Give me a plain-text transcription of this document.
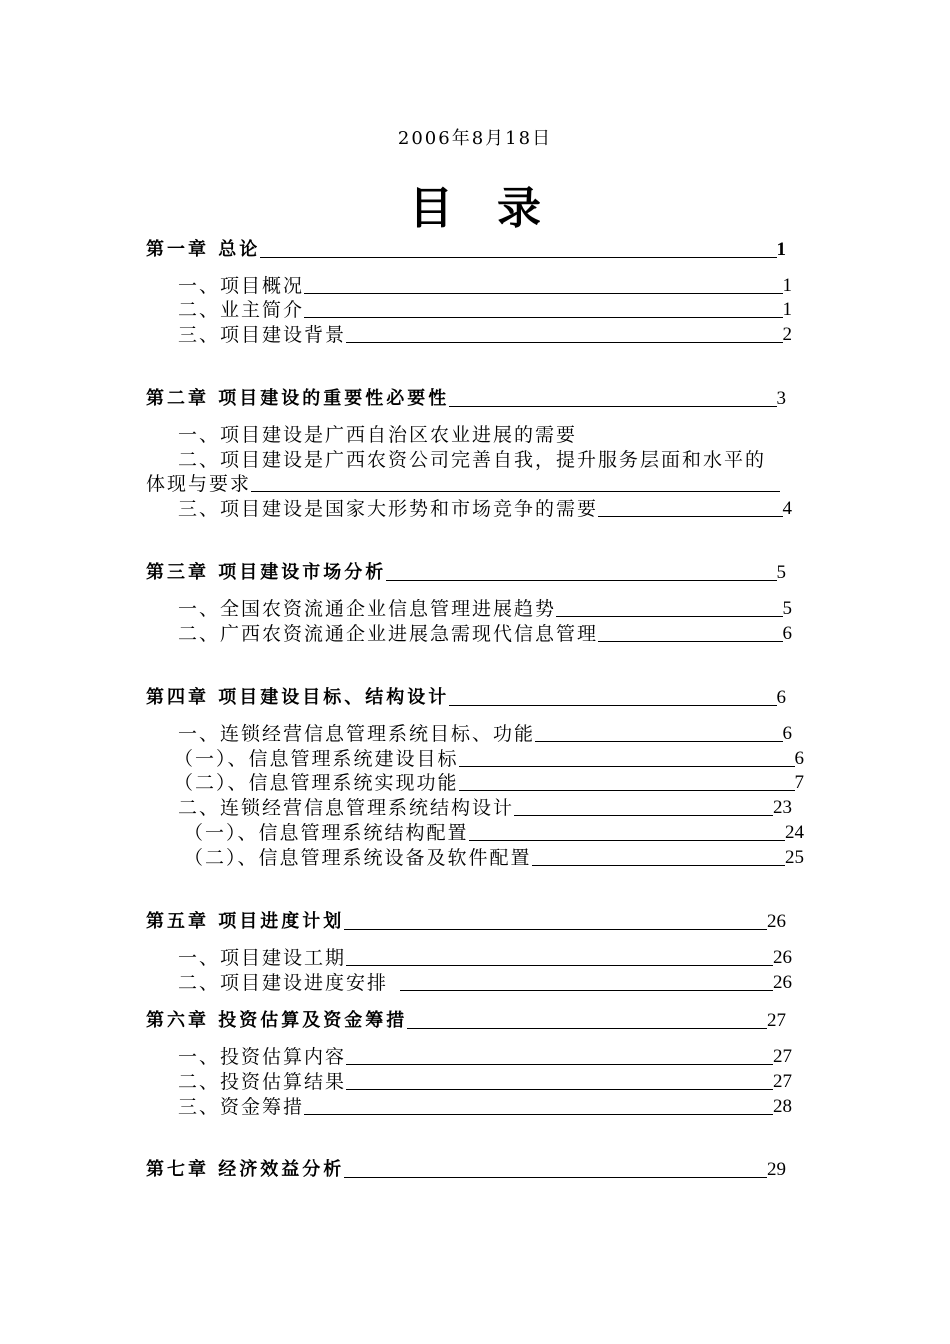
2006年8月18日
目 录
第一章 总论	1
一、项目概况	1
二、业主简介	1
三、项目建设背景	2
第二章 项目建设的重要性必要性	3
一、项目建设是广西自治区农业进展的需要
二、项目建设是广西农资公司完善自我，提升服务层面和水平的
体现与要求
三、项目建设是国家大形势和市场竞争的需要	4
第三章 项目建设市场分析	5
一、全国农资流通企业信息管理进展趋势	5
二、广西农资流通企业进展急需现代信息管理	6
第四章 项目建设目标、结构设计	6
一、连锁经营信息管理系统目标、功能	6
（一）、信息管理系统建设目标	6
（二）、信息管理系统实现功能	7
二、连锁经营信息管理系统结构设计	23
（一）、信息管理系统结构配置	24
（二）、信息管理系统设备及软件配置	25
第五章 项目进度计划	26
一、项目建设工期	26
二、项目建设进度安排	26
第六章 投资估算及资金筹措	27
一、投资估算内容	27
二、投资估算结果	27
三、资金筹措	28
第七章 经济效益分析	29
